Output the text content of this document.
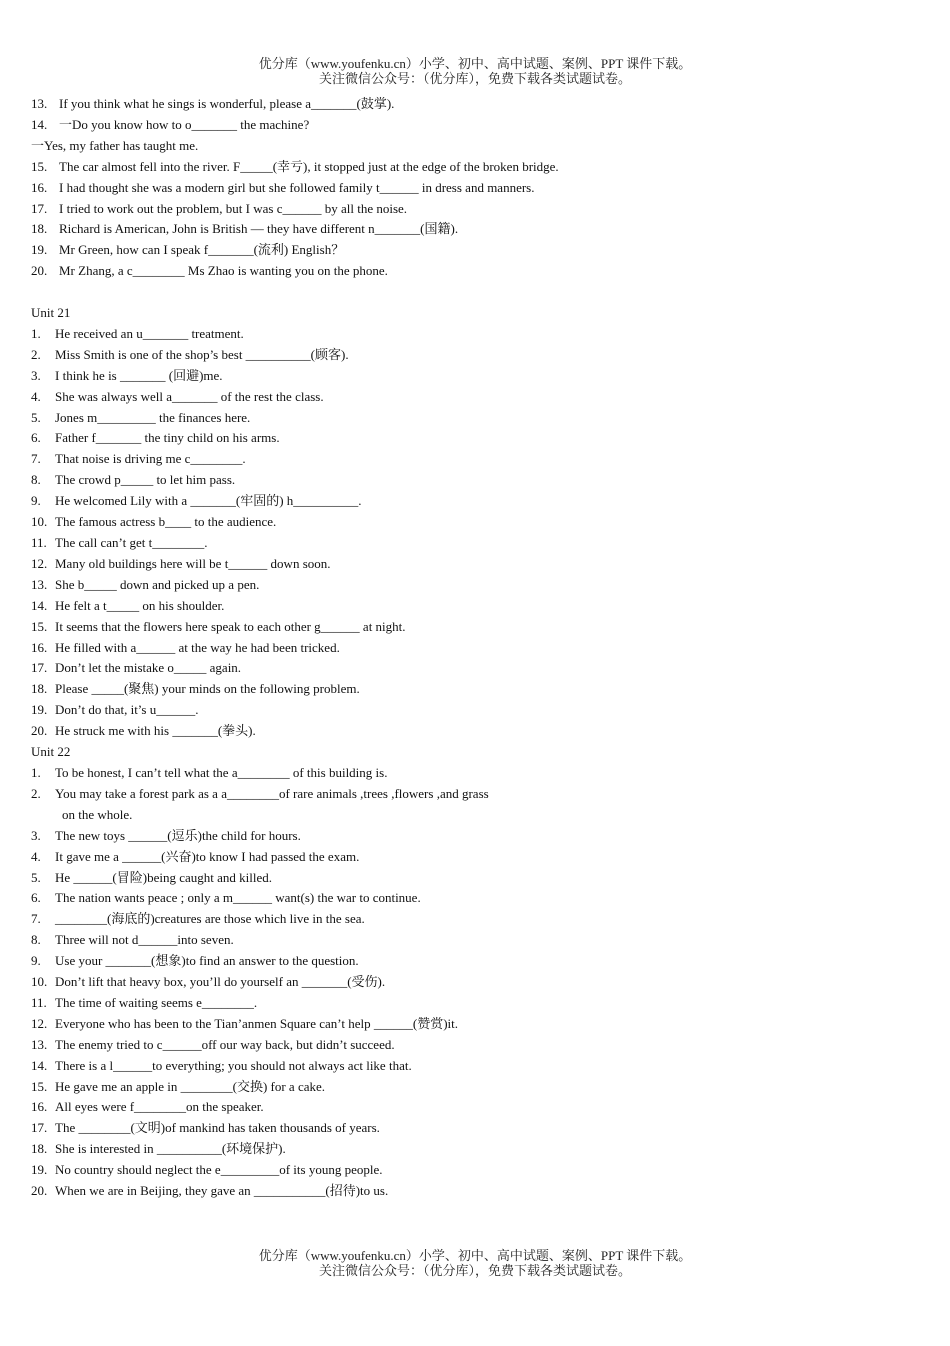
优分库（www.youfenku.cn）小学、初中、高中试题、案例、PPT 课件下载。
关注微信公众号：（优分库），免费下载各类试题试卷。
13. If you think what he sings is wonderful, please a_______(鼓掌).
14. 一Do you know how to o_______ the machine?
一Yes, my father has taught me.
15. The car almost fell into the river. F_____(幸亏), it stopped just at the edge of the broken bridge.
16. I had thought she was a modern girl but she followed family t______ in dress and manners.
17. I tried to work out the problem, but I was c______ by all the noise.
18. Richard is American, John is British — they have different n_______(国籍).
19. Mr Green, how can I speak f_______(流利) English？
20. Mr Zhang, a c________ Ms Zhao is wanting you on the phone.
Unit 21
1. He received an u_______ treatment.
2. Miss Smith is one of the shop’s best __________(顾客).
3. I think he is _______ (回避)me.
4. She was always well a_______ of the rest the class.
5. Jones m_________ the finances here.
6. Father f_______ the tiny child on his arms.
7. That noise is driving me c________.
8. The crowd p_____ to let him pass.
9. He welcomed Lily with a _______(牢固的) h__________.
10. The famous actress b____ to the audience.
11. The call can’t get t________.
12. Many old buildings here will be t______ down soon.
13. She b_____ down and picked up a pen.
14. He felt a t_____ on his shoulder.
15. It seems that the flowers here speak to each other g______ at night.
16. He filled with a______ at the way he had been tricked.
17. Don’t let the mistake o_____ again.
18. Please _____(聚焦) your minds on the following problem.
19. Don’t do that, it’s u______.
20. He struck me with his _______(拳头).
Unit 22
1. To be honest, I can’t tell what the a________ of this building is.
2. You may take a forest park as a a________of rare animals ,trees ,flowers ,and grass
on the whole.
3. The new toys ______(逗乐)the child for hours.
4. It gave me a ______(兴奋)to know I had passed the exam.
5. He ______(冒险)being caught and killed.
6. The nation wants peace ; only a m______ want(s) the war to continue.
7. ________(海底的)creatures are those which live in the sea.
8. Three will not d______into seven.
9. Use your _______(想象)to find an answer to the question.
10. Don’t lift that heavy box, you’ll do yourself an _______(受伤).
11. The time of waiting seems e________.
12. Everyone who has been to the Tian’anmen Square can’t help ______(赞赏)it.
13. The enemy tried to c______off our way back, but didn’t succeed.
14. There is a l______to everything; you should not always act like that.
15. He gave me an apple in ________(交换) for a cake.
16. All eyes were f________on the speaker.
17. The ________(文明)of mankind has taken thousands of years.
18. She is interested in __________(环境保护).
19. No country should neglect the e_________of its young people.
20. When we are in Beijing, they gave an ___________(招待)to us.
优分库（www.youfenku.cn）小学、初中、高中试题、案例、PPT 课件下载。
关注微信公众号：（优分库），免费下载各类试题试卷。
